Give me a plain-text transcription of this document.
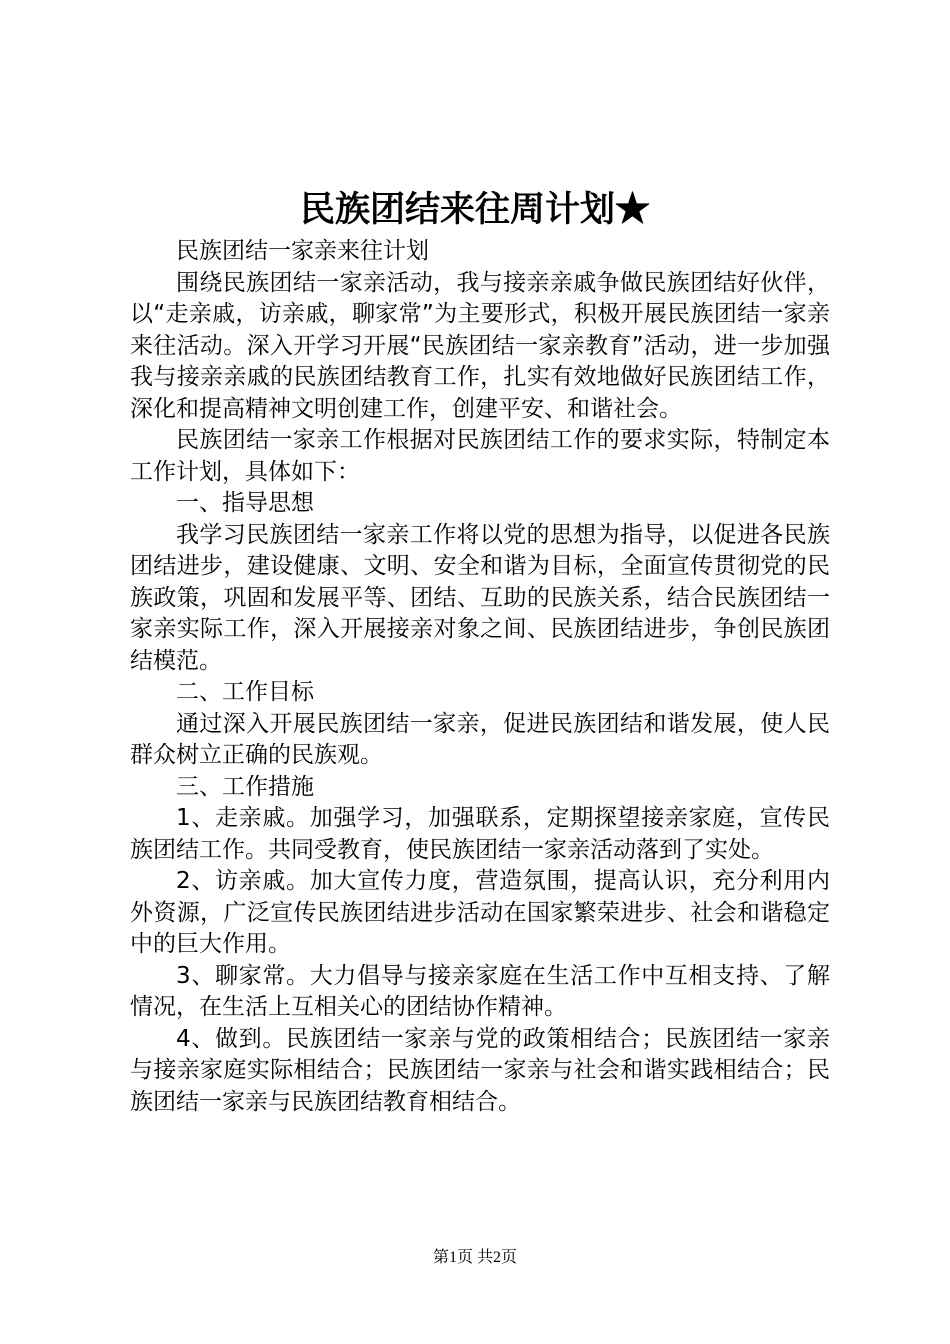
民族团结来往周计划★

民族团结一家亲来往计划

围绕民族团结一家亲活动，我与接亲亲戚争做民族团结好伙伴，以“走亲戚，访亲戚，聊家常”为主要形式，积极开展民族团结一家亲来往活动。深入开学习开展“民族团结一家亲教育”活动，进一步加强我与接亲亲戚的民族团结教育工作，扎实有效地做好民族团结工作，深化和提高精神文明创建工作，创建平安、和谐社会。

民族团结一家亲工作根据对民族团结工作的要求实际，特制定本工作计划，具体如下：

一、指导思想

我学习民族团结一家亲工作将以党的思想为指导，以促进各民族团结进步，建设健康、文明、安全和谐为目标，全面宣传贯彻党的民族政策，巩固和发展平等、团结、互助的民族关系，结合民族团结一家亲实际工作，深入开展接亲对象之间、民族团结进步，争创民族团结模范。

二、工作目标

通过深入开展民族团结一家亲，促进民族团结和谐发展，使人民群众树立正确的民族观。

三、工作措施

1、走亲戚。加强学习，加强联系，定期探望接亲家庭，宣传民族团结工作。共同受教育，使民族团结一家亲活动落到了实处。

2、访亲戚。加大宣传力度，营造氛围，提高认识，充分利用内外资源，广泛宣传民族团结进步活动在国家繁荣进步、社会和谐稳定中的巨大作用。

3、聊家常。大力倡导与接亲家庭在生活工作中互相支持、了解情况，在生活上互相关心的团结协作精神。

4、做到。民族团结一家亲与党的政策相结合；民族团结一家亲与接亲家庭实际相结合；民族团结一家亲与社会和谐实践相结合；民族团结一家亲与民族团结教育相结合。

第1页 共2页
